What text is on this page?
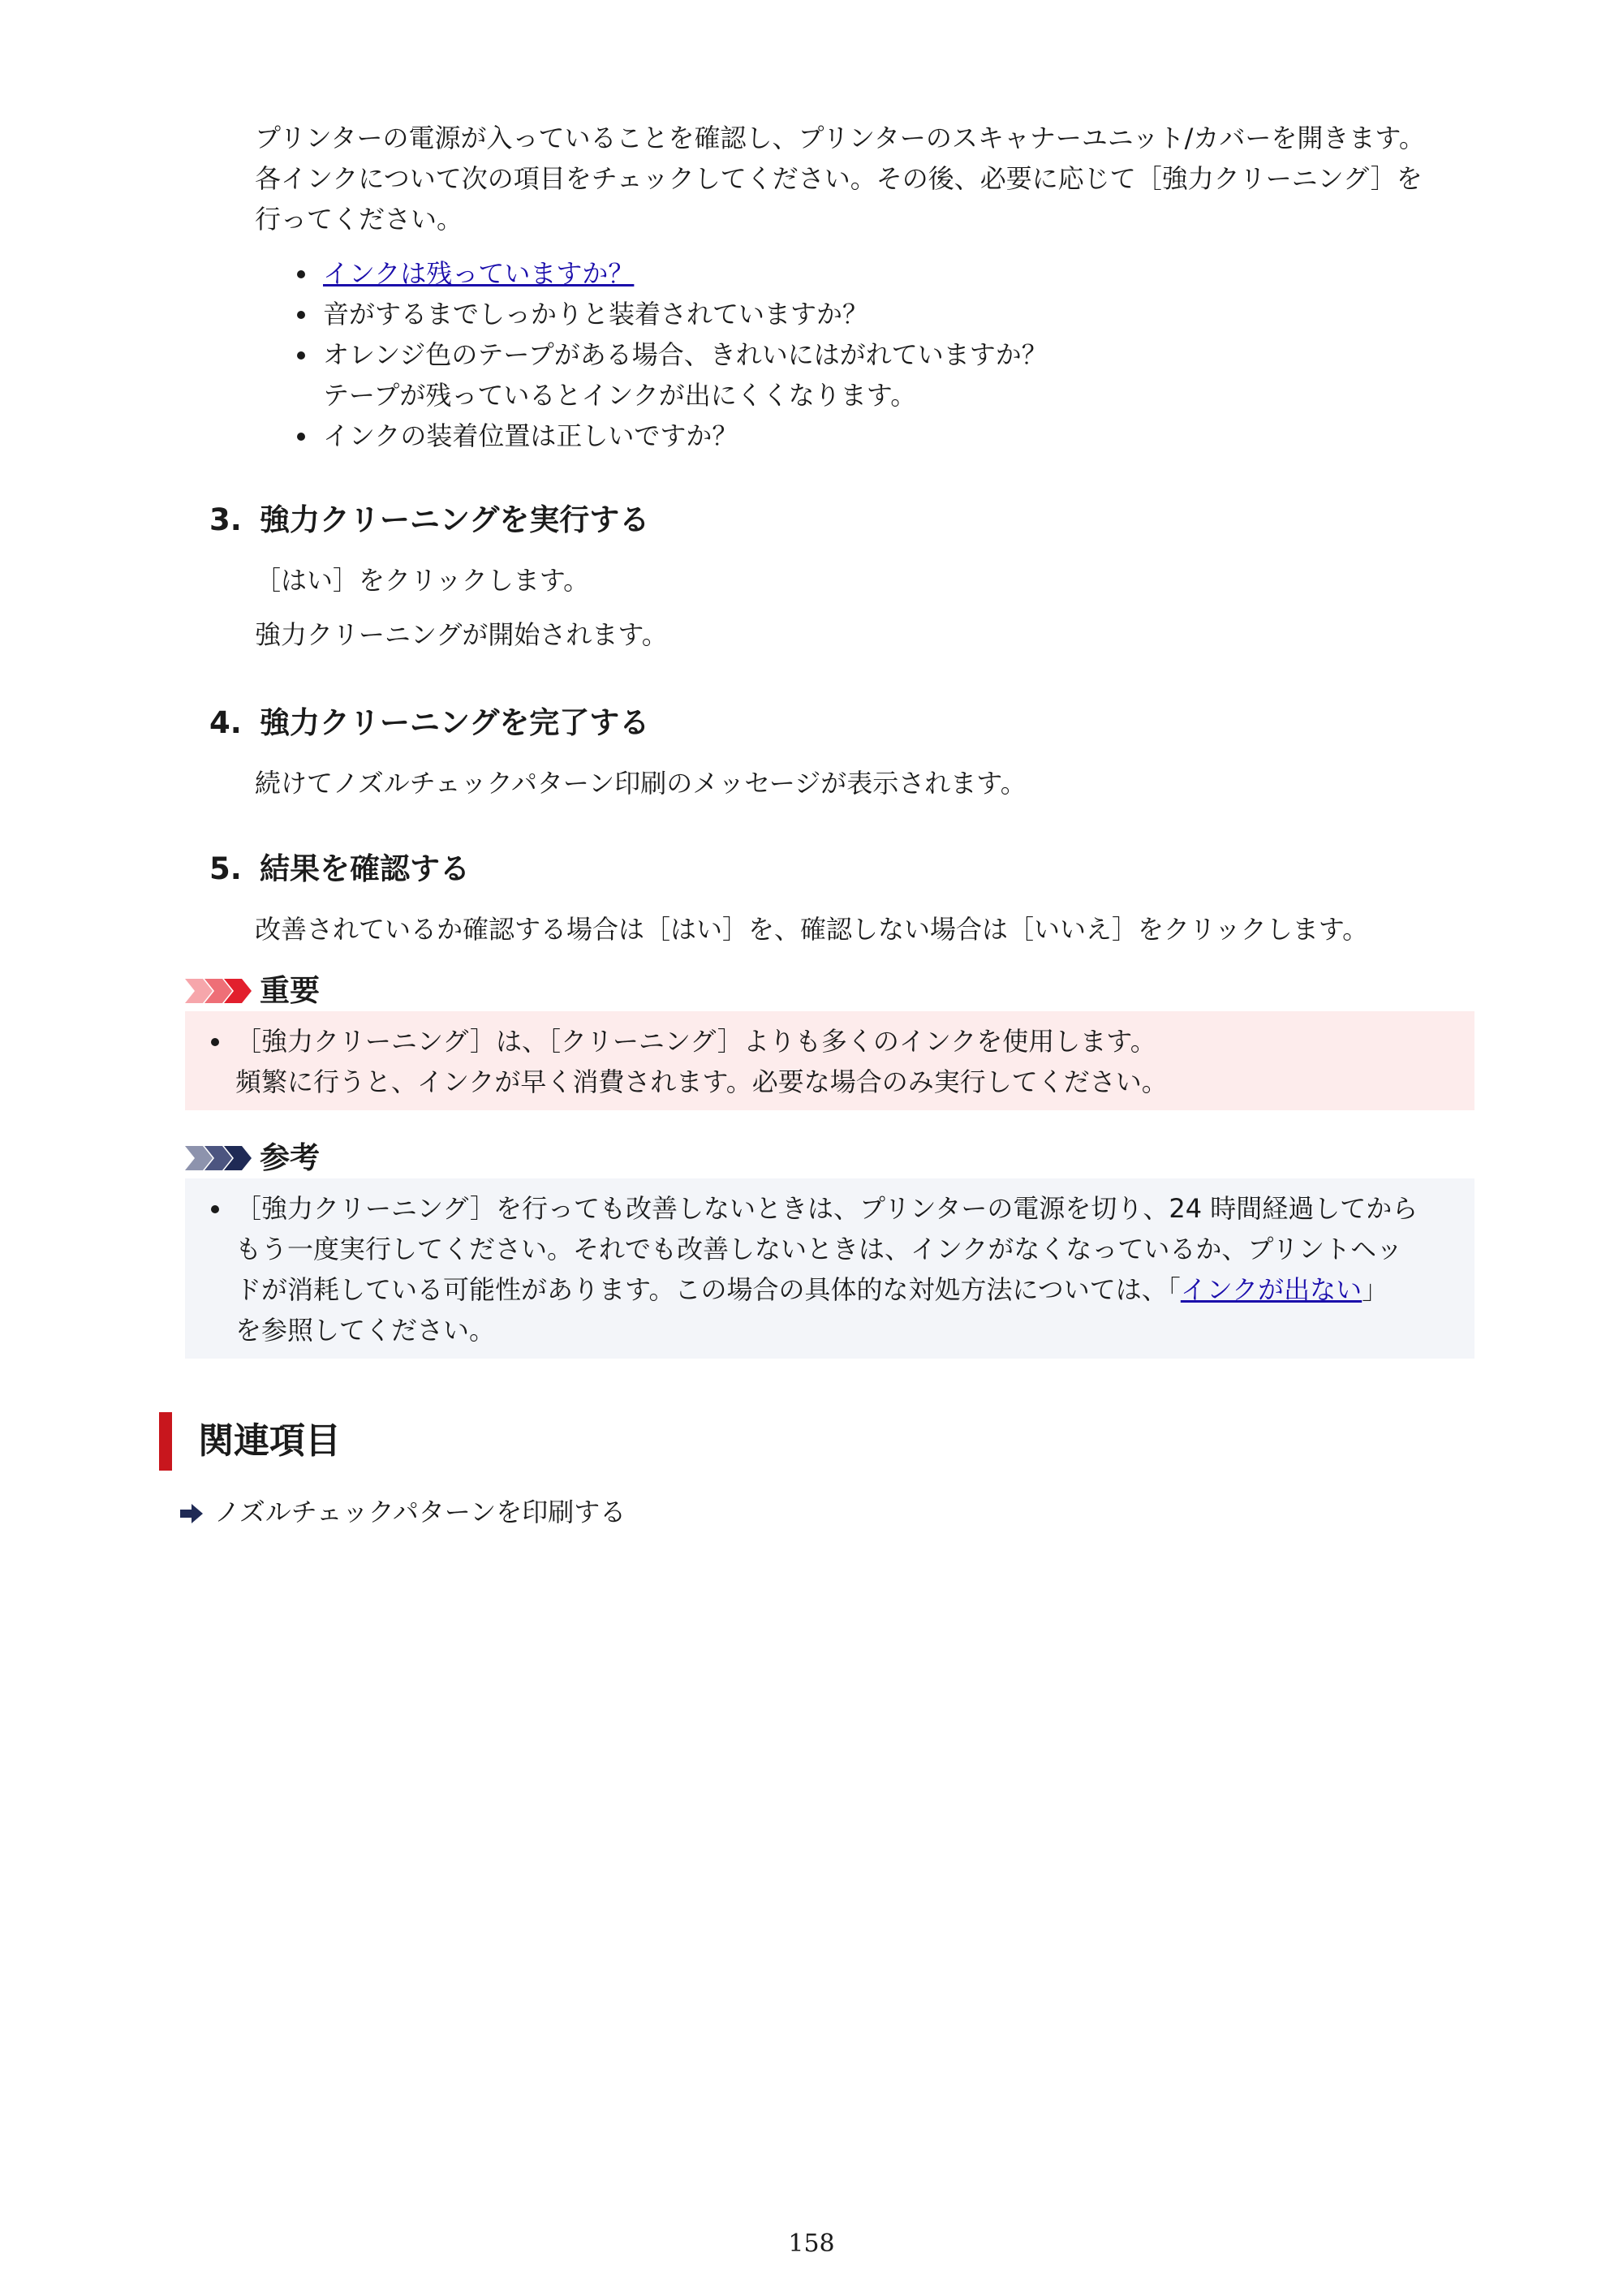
プリンターの電源が入っていることを確認し、プリンターのスキャナーユニット/カバーを開きます。

各インクについて次の項目をチェックしてください。その後、必要に応じて［強力クリーニング］を

行ってください。

インクは残っていますか？
音がするまでしっかりと装着されていますか？
オレンジ色のテープがある場合、きれいにはがれていますか？
テープが残っているとインクが出にくくなります。
インクの装着位置は正しいですか？
3. 強力クリーニングを実行する
［はい］をクリックします。
強力クリーニングが開始されます。
4. 強力クリーニングを完了する
続けてノズルチェックパターン印刷のメッセージが表示されます。
5. 結果を確認する
改善されているか確認する場合は［はい］を、確認しない場合は［いいえ］をクリックします。
重要

［強力クリーニング］は、［クリーニング］よりも多くのインクを使用します。

頻繁に行うと、インクが早く消費されます。必要な場合のみ実行してください。

参考

［強力クリーニング］を行っても改善しないときは、プリンターの電源を切り、24 時間経過してから

もう一度実行してください。それでも改善しないときは、インクがなくなっているか、プリントヘッ

ドが消耗している可能性があります。この場合の具体的な対処方法については、「インクが出ない」

を参照してください。

関連項目
ノズルチェックパターンを印刷する
158
